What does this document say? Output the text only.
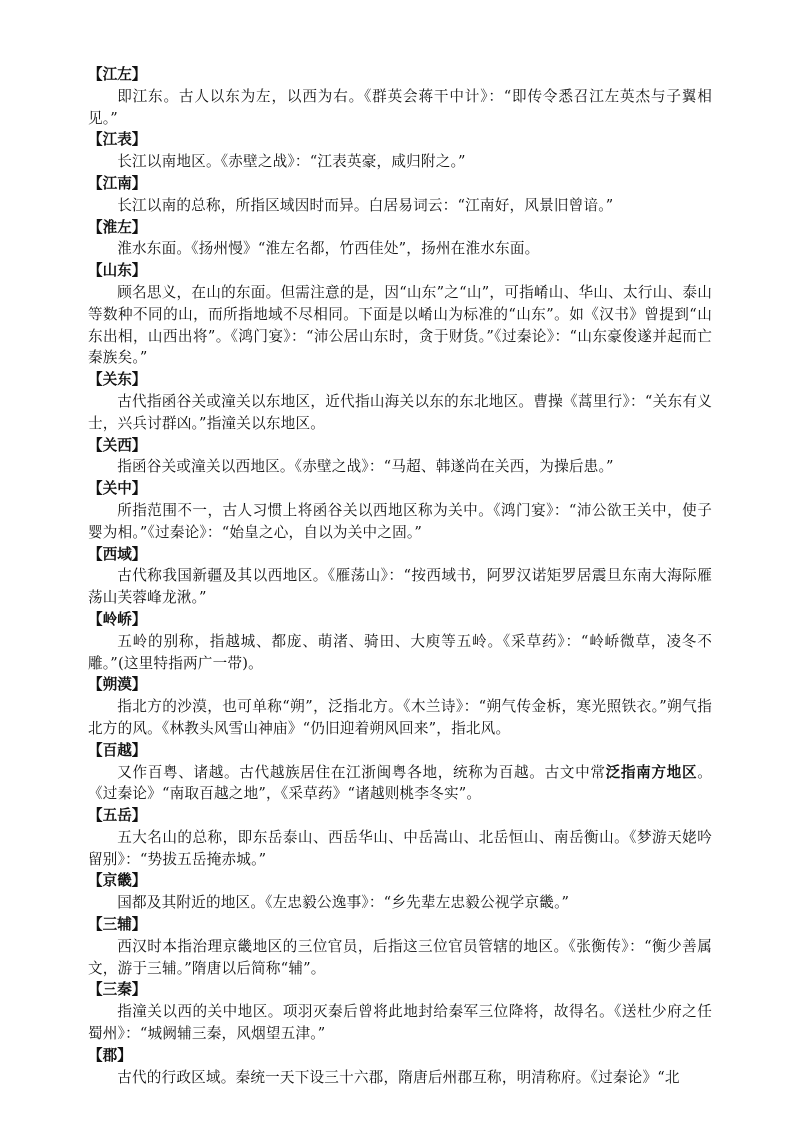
【江左】
即江东。古人以东为左，以西为右。《群英会蒋干中计》：“即传令悉召江左英杰与子翼相见。”
【江表】
长江以南地区。《赤壁之战》：“江表英豪，咸归附之。”
【江南】
长江以南的总称，所指区域因时而异。白居易词云：“江南好，风景旧曾谙。”
【淮左】
淮水东面。《扬州慢》“淮左名都，竹西佳处”，扬州在淮水东面。
【山东】
顾名思义，在山的东面。但需注意的是，因“山东”之“山”，可指崤山、华山、太行山、泰山等数种不同的山，而所指地域不尽相同。下面是以崤山为标准的“山东”。如《汉书》曾提到“山东出相，山西出将”。《鸿门宴》：“沛公居山东时，贪于财货。”《过秦论》：“山东豪俊遂并起而亡秦族矣。”
【关东】
古代指函谷关或潼关以东地区，近代指山海关以东的东北地区。曹操《蒿里行》：“关东有义士，兴兵讨群凶。”指潼关以东地区。
【关西】
指函谷关或潼关以西地区。《赤壁之战》：“马超、韩遂尚在关西，为操后患。”
【关中】
所指范围不一，古人习惯上将函谷关以西地区称为关中。《鸿门宴》：“沛公欲王关中，使子婴为相。”《过秦论》：“始皇之心，自以为关中之固。”
【西域】
古代称我国新疆及其以西地区。《雁荡山》：“按西域书，阿罗汉诺矩罗居震旦东南大海际雁荡山芙蓉峰龙湫。”
【岭峤】
五岭的别称，指越城、都庞、萌渚、骑田、大庾等五岭。《采草药》：“岭峤微草，凌冬不雕。”(这里特指两广一带)。
【朔漠】
指北方的沙漠，也可单称“朔”，泛指北方。《木兰诗》：“朔气传金柝，寒光照铁衣。”朔气指北方的风。《林教头风雪山神庙》“仍旧迎着朔风回来”，指北风。
【百越】
又作百粤、诸越。古代越族居住在江浙闽粤各地，统称为百越。古文中常泛指南方地区。《过秦论》“南取百越之地”，《采草药》“诸越则桃李冬实”。
【五岳】
五大名山的总称，即东岳泰山、西岳华山、中岳嵩山、北岳恒山、南岳衡山。《梦游天姥吟留别》：“势拔五岳掩赤城。”
【京畿】
国都及其附近的地区。《左忠毅公逸事》：“乡先辈左忠毅公视学京畿。”
【三辅】
西汉时本指治理京畿地区的三位官员，后指这三位官员管辖的地区。《张衡传》：“衡少善属文，游于三辅。”隋唐以后简称“辅”。
【三秦】
指潼关以西的关中地区。项羽灭秦后曾将此地封给秦军三位降将，故得名。《送杜少府之任蜀州》：“城阙辅三秦，风烟望五津。”
【郡】
古代的行政区域。秦统一天下设三十六郡，隋唐后州郡互称，明清称府。《过秦论》“北
